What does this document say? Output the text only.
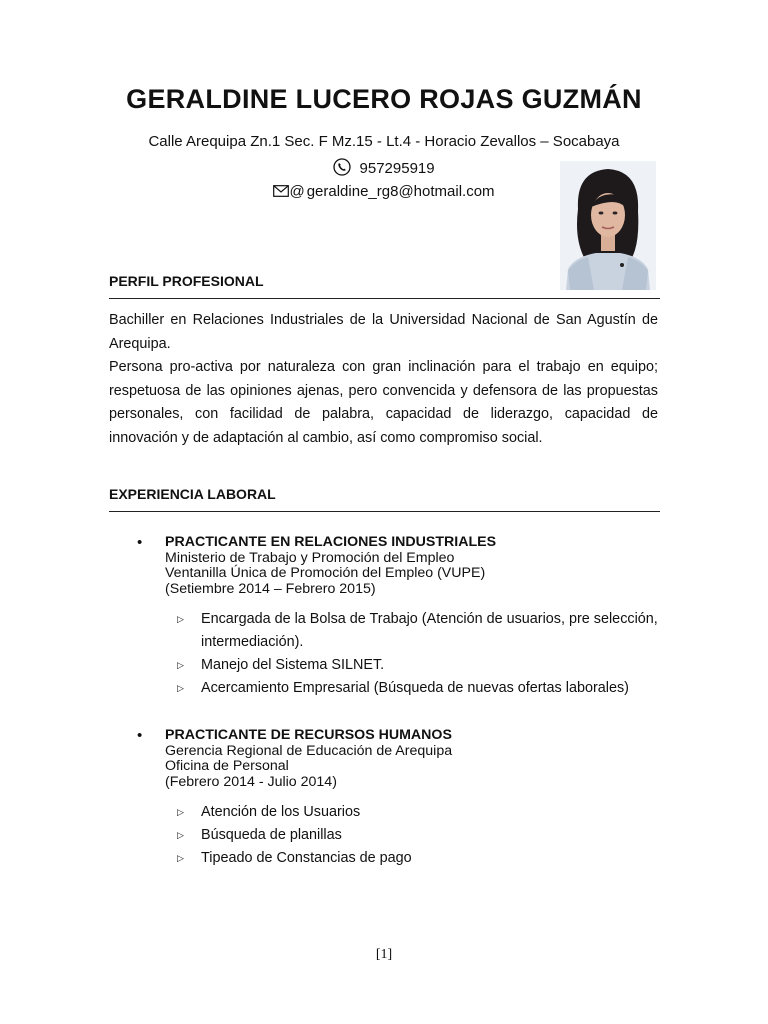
GERALDINE LUCERO ROJAS GUZMÁN
Calle Arequipa Zn.1 Sec. F Mz.15 - Lt.4 - Horacio Zevallos – Socabaya
957295919
@ geraldine_rg8@hotmail.com
PERFIL PROFESIONAL

Bachiller en Relaciones Industriales de la Universidad Nacional de San Agustín de Arequipa.

Persona pro-activa por naturaleza con gran inclinación para el trabajo en equipo; respetuosa de las opiniones ajenas, pero convencida y defensora de las propuestas personales, con facilidad de palabra, capacidad de liderazgo, capacidad de innovación y de adaptación al cambio, así como compromiso social.

EXPERIENCIA LABORAL
• PRACTICANTE EN RELACIONES INDUSTRIALES
Ministerio de Trabajo y Promoción del Empleo
Ventanilla Única de Promoción del Empleo (VUPE)
(Setiembre 2014 – Febrero 2015)
▷ Encargada de la Bolsa de Trabajo (Atención de usuarios, pre selección, intermediación).
▷ Manejo del Sistema SILNET.
▷ Acercamiento Empresarial (Búsqueda de nuevas ofertas laborales)
• PRACTICANTE DE RECURSOS HUMANOS
Gerencia Regional de Educación de Arequipa
Oficina de Personal
(Febrero 2014 - Julio 2014)
▷ Atención de los Usuarios
▷ Búsqueda de planillas
▷ Tipeado de Constancias de pago
[1]
